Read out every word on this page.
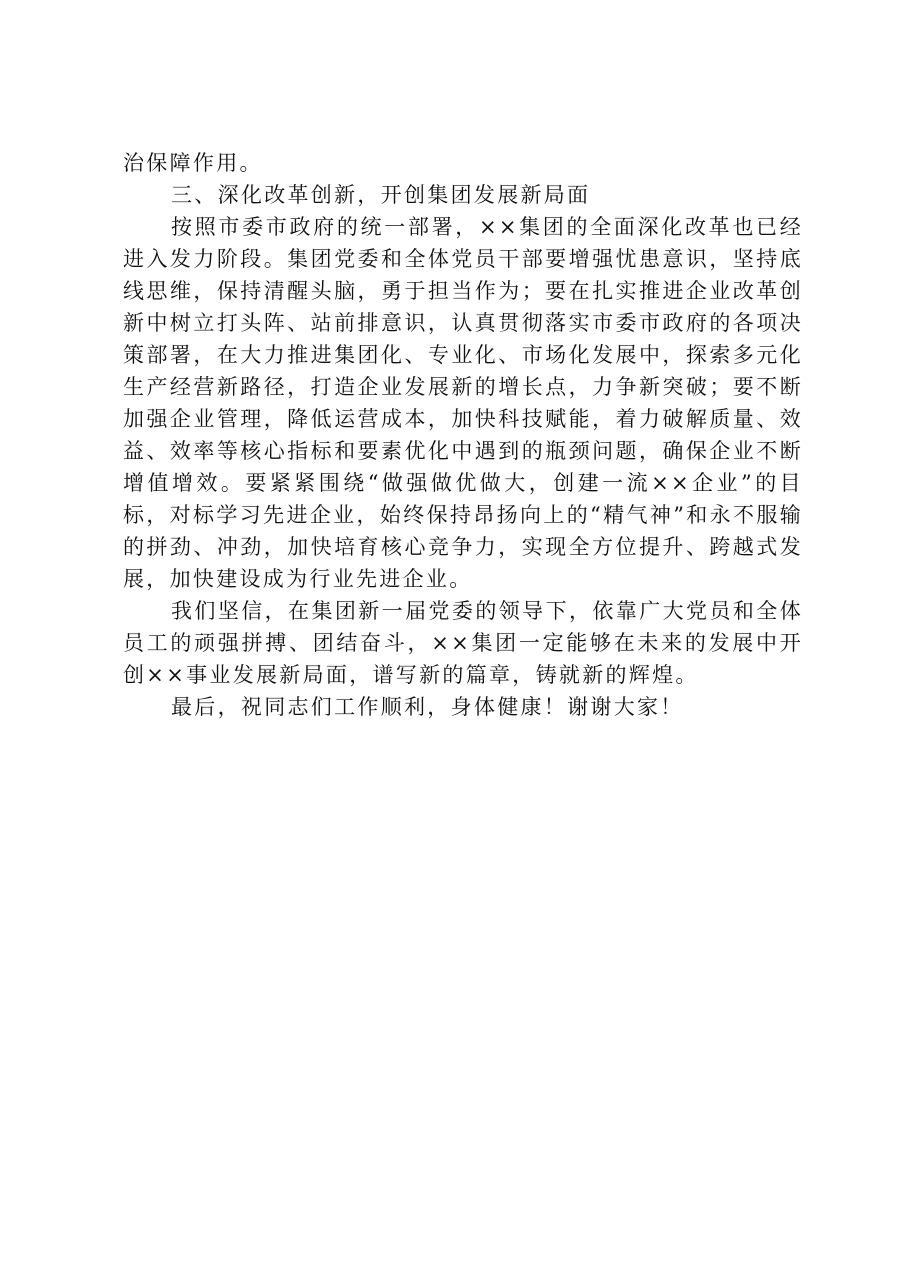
治保障作用。

三、深化改革创新，开创集团发展新局面

按照市委市政府的统一部署，××集团的全面深化改革也已经进入发力阶段。集团党委和全体党员干部要增强忧患意识，坚持底线思维，保持清醒头脑，勇于担当作为；要在扎实推进企业改革创新中树立打头阵、站前排意识，认真贯彻落实市委市政府的各项决策部署，在大力推进集团化、专业化、市场化发展中，探索多元化生产经营新路径，打造企业发展新的增长点，力争新突破；要不断加强企业管理，降低运营成本，加快科技赋能，着力破解质量、效益、效率等核心指标和要素优化中遇到的瓶颈问题，确保企业不断增值增效。要紧紧围绕“做强做优做大，创建一流××企业”的目标，对标学习先进企业，始终保持昂扬向上的“精气神”和永不服输的拼劲、冲劲，加快培育核心竞争力，实现全方位提升、跨越式发展，加快建设成为行业先进企业。

我们坚信，在集团新一届党委的领导下，依靠广大党员和全体员工的顽强拼搏、团结奋斗，××集团一定能够在未来的发展中开创××事业发展新局面，谱写新的篇章，铸就新的辉煌。

最后，祝同志们工作顺利，身体健康！谢谢大家！
